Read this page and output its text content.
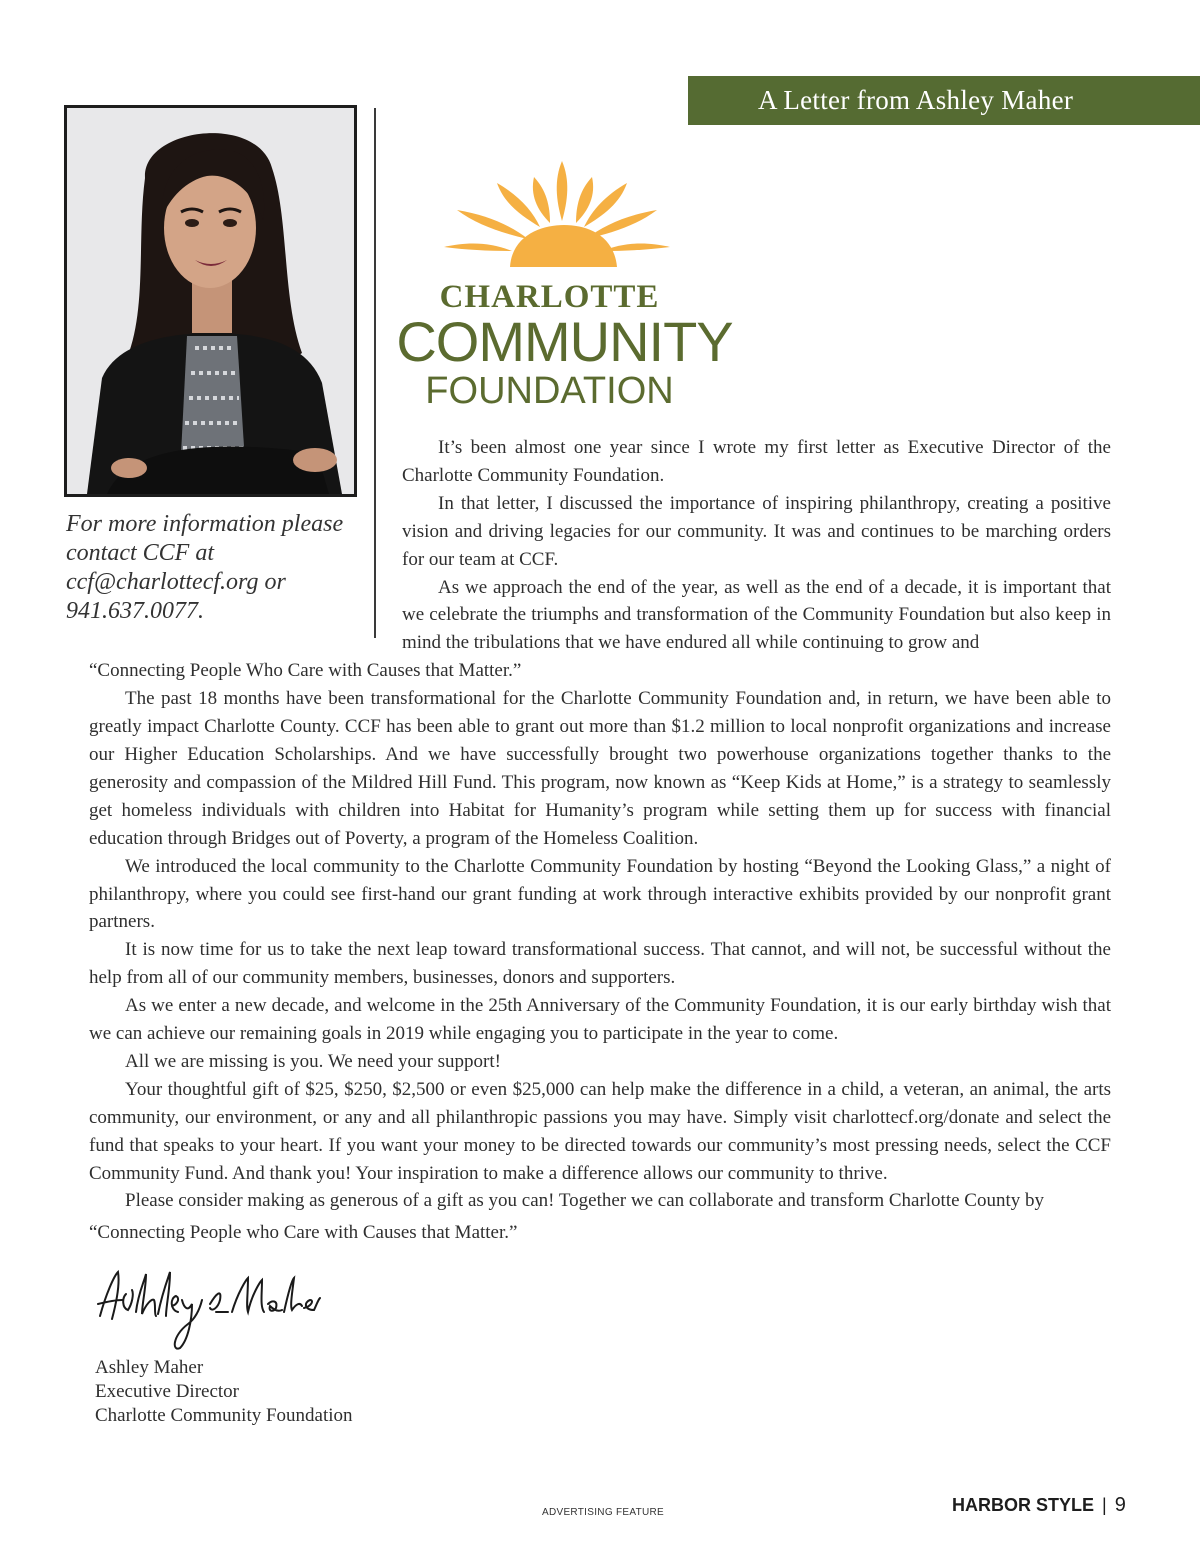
A Letter from Ashley Maher
For more information please contact CCF at ccf@charlottecf.org or 941.637.0077.
CHARLOTTE
COMMUNITY
FOUNDATION

It’s been almost one year since I wrote my first letter as Executive Director of the Charlotte Community Foundation.

In that letter, I discussed the importance of inspiring philanthropy, creating a positive vision and driving legacies for our community. It was and continues to be marching orders for our team at CCF.

As we approach the end of the year, as well as the end of a decade, it is important that we celebrate the triumphs and transformation of the Community Foundation but also keep in mind the tribulations that we have endured all while continuing to grow and

“Connecting People Who Care with Causes that Matter.”

The past 18 months have been transformational for the Charlotte Community Foundation and, in return, we have been able to greatly impact Charlotte County. CCF has been able to grant out more than $1.2 million to local nonprofit organizations and increase our Higher Education Scholarships. And we have successfully brought two powerhouse organizations together thanks to the generosity and compassion of the Mildred Hill Fund. This program, now known as “Keep Kids at Home,” is a strategy to seamlessly get homeless individuals with children into Habitat for Humanity’s program while setting them up for success with financial education through Bridges out of Poverty, a program of the Homeless Coalition.

We introduced the local community to the Charlotte Community Foundation by hosting “Beyond the Looking Glass,” a night of philanthropy, where you could see first-hand our grant funding at work through interactive exhibits provided by our nonprofit grant partners.

It is now time for us to take the next leap toward transformational success. That cannot, and will not, be successful without the help from all of our community members, businesses, donors and supporters.

As we enter a new decade, and welcome in the 25th Anniversary of the Community Foundation, it is our early birthday wish that we can achieve our remaining goals in 2019 while engaging you to participate in the year to come.

All we are missing is you. We need your support!

Your thoughtful gift of $25, $250, $2,500 or even $25,000 can help make the difference in a child, a veteran, an animal, the arts community, our environment, or any and all philanthropic passions you may have. Simply visit charlottecf.org/donate and select the fund that speaks to your heart. If you want your money to be directed towards our community’s most pressing needs, select the CCF Community Fund. And thank you! Your inspiration to make a difference allows our community to thrive.

Please consider making as generous of a gift as you can! Together we can collaborate and transform Charlotte County by

“Connecting People who Care with Causes that Matter.”

Ashley Maher
Executive Director
Charlotte Community Foundation
ADVERTISING FEATURE	HARBOR STYLE | 9
